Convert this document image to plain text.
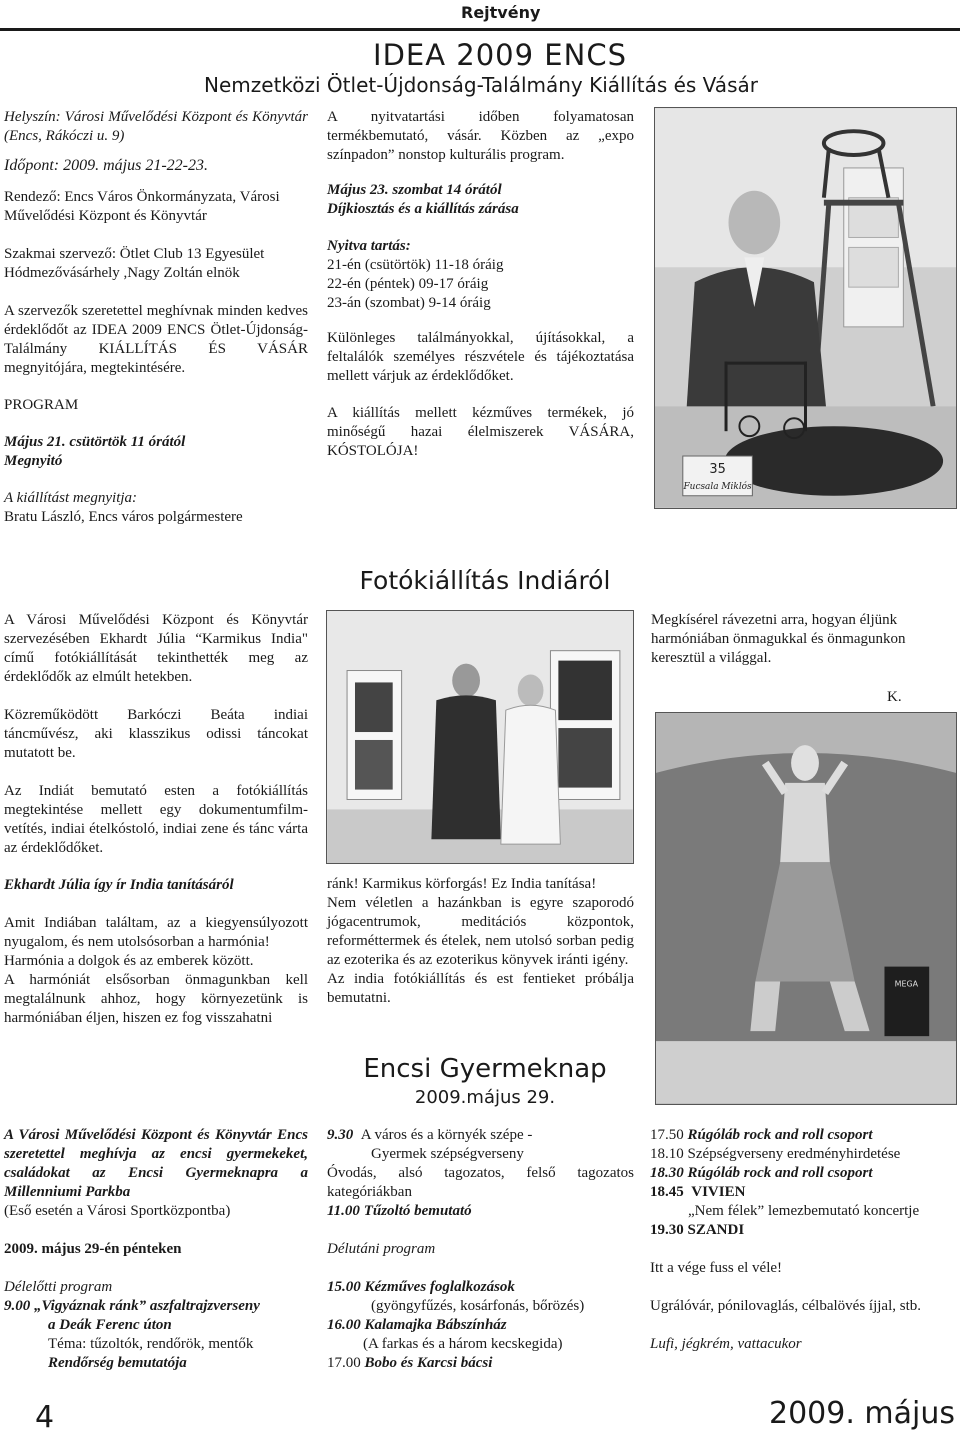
Rejtvény
IDEA 2009 ENCS
Nemzetközi Ötlet-Újdonság-Találmány Kiállítás és Vásár

Helyszín: Városi Művelődési Központ és Könyvtár (Encs, Rákóczi u. 9)

Időpont: 2009. május 21-22-23.

Rendező: Encs Város Önkormányzata, Városi Művelődési Központ és Könyvtár

Szakmai szervező: Ötlet Club 13 Egyesület Hódmezővásárhely ,Nagy Zoltán elnök

A szervezők szeretettel meghívnak minden kedves érdeklődőt az IDEA 2009 ENCS Ötlet-Újdonság-Találmány KIÁLLÍTÁS ÉS VÁSÁR megnyitójára, megtekintésére.

PROGRAM

Május 21. csütörtök 11 órától

Megnyitó

A kiállítást megnyitja:

Bratu László, Encs város polgármestere

A nyitvatartási időben folyamatosan termékbemutató, vásár. Közben az „expo színpadon” nonstop kulturális program.

Május 23. szombat 14 órától

Díjkiosztás és a kiállítás zárása

Nyitva tartás:

21-én (csütörtök) 11-18 óráig

22-én (péntek) 09-17 óráig

23-án (szombat) 9-14 óráig

Különleges találmányokkal, újításokkal, a feltalálók személyes részvétele és tájékoztatása mellett várjuk az érdeklődőket.

A kiállítás mellett kézműves termékek, jó minőségű hazai élelmiszerek VÁSÁRA, KÓSTOLÓJA!

35
Fucsala Miklós
Fotókiállítás Indiáról

A Városi Művelődési Központ és Könyvtár szervezésében Ekhardt Júlia “Karmikus India" című fotókiállítását tekinthették meg az érdeklődők az elmúlt hetekben.

Közreműködött Barkóczi Beáta indiai táncművész, aki klasszikus odissi táncokat mutatott be.

Az Indiát bemutató esten a fotókiállítás megtekintése mellett egy dokumentumfilm-vetítés, indiai ételkóstoló, indiai zene és tánc várta az érdeklődőket.

Megkísérel rávezetni arra, hogyan éljünk harmóniában önmagukkal és önmagunkon keresztül a világgal.

K.
MEGA
Ekhardt Júlia így ír India tanításáról

Amit Indiában találtam, az a kiegyensúlyozott nyugalom, és nem utolsósorban a harmónia!

Harmónia a dolgok és az emberek között.

A harmóniát elsősorban önmagunkban kell megtalálnunk ahhoz, hogy környezetünk is harmóniában éljen, hiszen ez fog visszahatni

ránk! Karmikus körforgás! Ez India tanítása!

Nem véletlen a hazánkban is egyre szaporodó jógacentrumok, meditációs központok, reforméttermek és ételek, nem utolsó sorban pedig az ezoterika és az ezoterikus könyvek iránti igény.

Az india fotókiállítás és est fentieket próbálja bemutatni.

Encsi Gyermeknap
2009.május 29.

A Városi Művelődési Központ és Könyvtár Encs szeretettel meghívja az encsi gyermekeket, családokat az Encsi Gyermeknapra a Millenniumi Parkba

(Eső esetén a Városi Sportközpontba)

2009. május 29-én pénteken

Délelőtti program

9.00 „Vigyáznak ránk” aszfaltrajzverseny

a Deák Ferenc úton

Téma: tűzoltók, rendőrök, mentők

Rendőrség bemutatója

9.30 A város és a környék szépe -

Gyermek szépségverseny

Óvodás, alsó tagozatos, felső tagozatos kategóriákban

11.00 Tűzoltó bemutató

Délutáni program

15.00 Kézműves foglalkozások

(gyöngyfűzés, kosárfonás, bőrözés)

16.00 Kalamajka Bábszínház

(A farkas és a három kecskegida)

17.00 Bobo és Karcsi bácsi

17.50 Rúgóláb rock and roll csoport

18.10 Szépségverseny eredményhirdetése

18.30 Rúgóláb rock and roll csoport

18.45 VIVIEN

„Nem félek” lemezbemutató koncertje

19.30 SZANDI

Itt a vége fuss el véle!

Ugrálóvár, pónilovaglás, célbalövés íjjal, stb.

Lufi, jégkrém, vattacukor

4	2009. május
